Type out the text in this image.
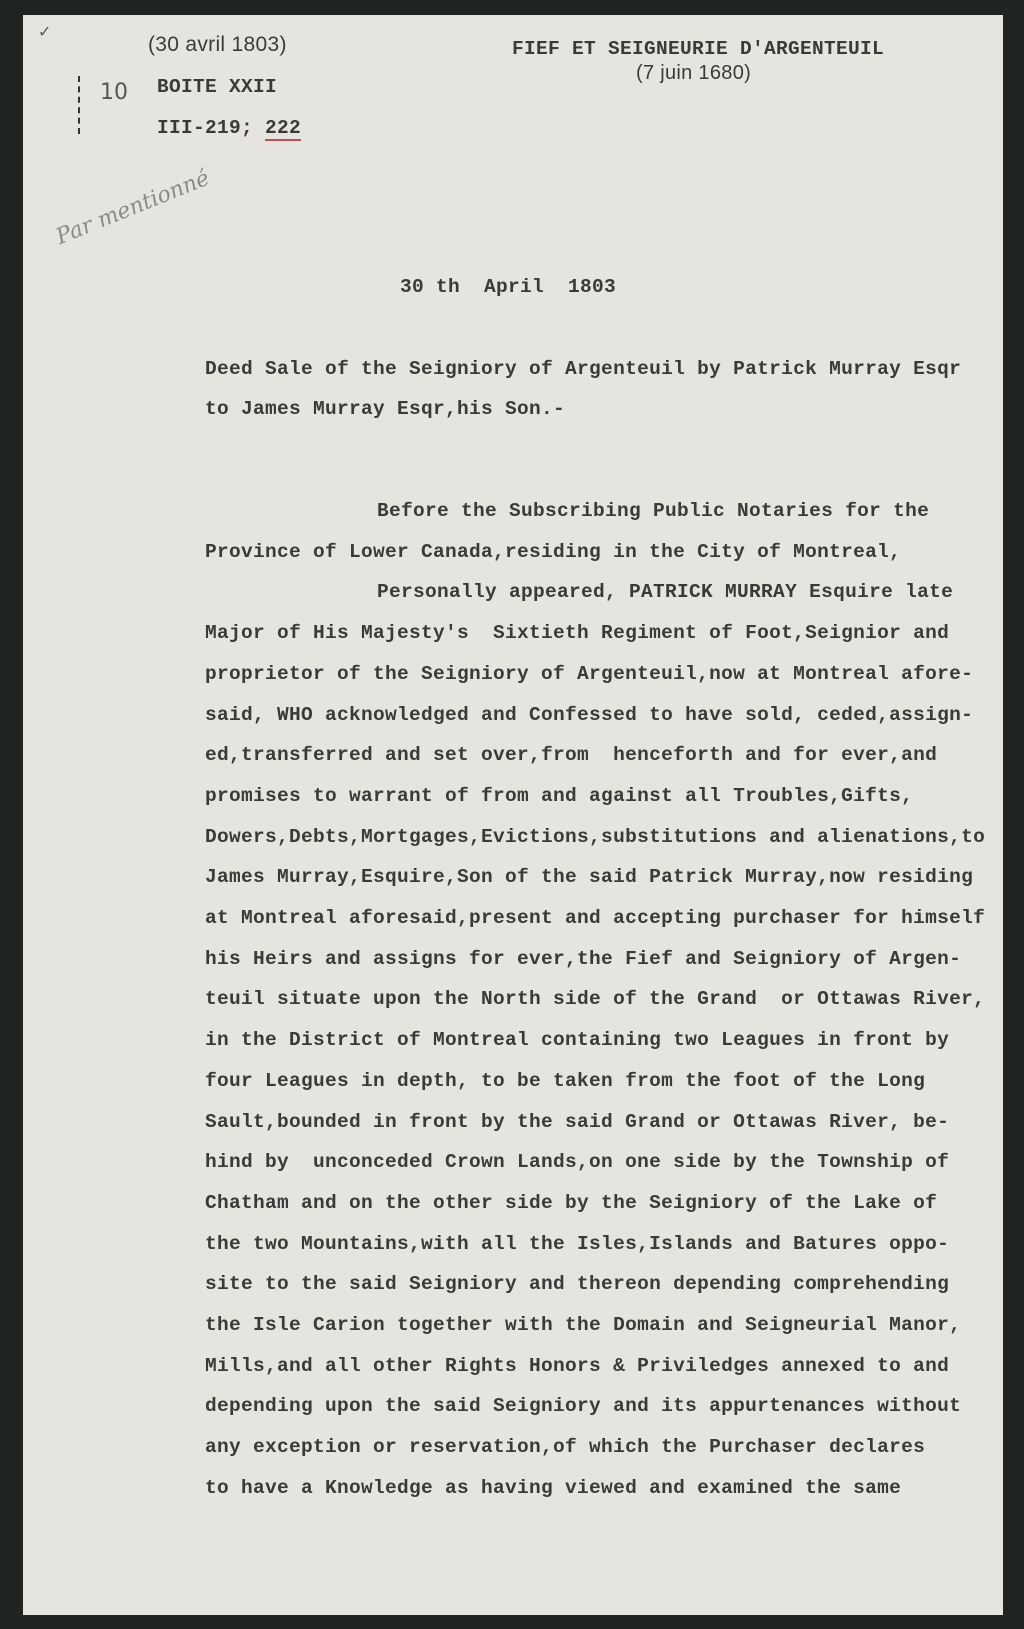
✓
10
(30 avril 1803)
BOITE XXII
III-219; 222
FIEF ET SEIGNEURIE D'ARGENTEUIL
(7 juin 1680)
Par mentionné
30 th  April  1803
Deed Sale of the Seigniory of Argenteuil by Patrick Murray Esqr
to James Murray Esqr,his Son.-
Before the Subscribing Public Notaries for the
Province of Lower Canada,residing in the City of Montreal,
Personally appeared, PATRICK MURRAY Esquire late
Major of His Majesty's  Sixtieth Regiment of Foot,Seignior and
proprietor of the Seigniory of Argenteuil,now at Montreal afore-
said, WHO acknowledged and Confessed to have sold, ceded,assign-
ed,transferred and set over,from  henceforth and for ever,and
promises to warrant of from and against all Troubles,Gifts,
Dowers,Debts,Mortgages,Evictions,substitutions and alienations,to
James Murray,Esquire,Son of the said Patrick Murray,now residing
at Montreal aforesaid,present and accepting purchaser for himself
his Heirs and assigns for ever,the Fief and Seigniory of Argen-
teuil situate upon the North side of the Grand  or Ottawas River,
in the District of Montreal containing two Leagues in front by
four Leagues in depth, to be taken from the foot of the Long
Sault,bounded in front by the said Grand or Ottawas River, be-
hind by  unconceded Crown Lands,on one side by the Township of
Chatham and on the other side by the Seigniory of the Lake of
the two Mountains,with all the Isles,Islands and Batures oppo-
site to the said Seigniory and thereon depending comprehending
the Isle Carion together with the Domain and Seigneurial Manor,
Mills,and all other Rights Honors & Priviledges annexed to and
depending upon the said Seigniory and its appurtenances without
any exception or reservation,of which the Purchaser declares
to have a Knowledge as having viewed and examined the same
